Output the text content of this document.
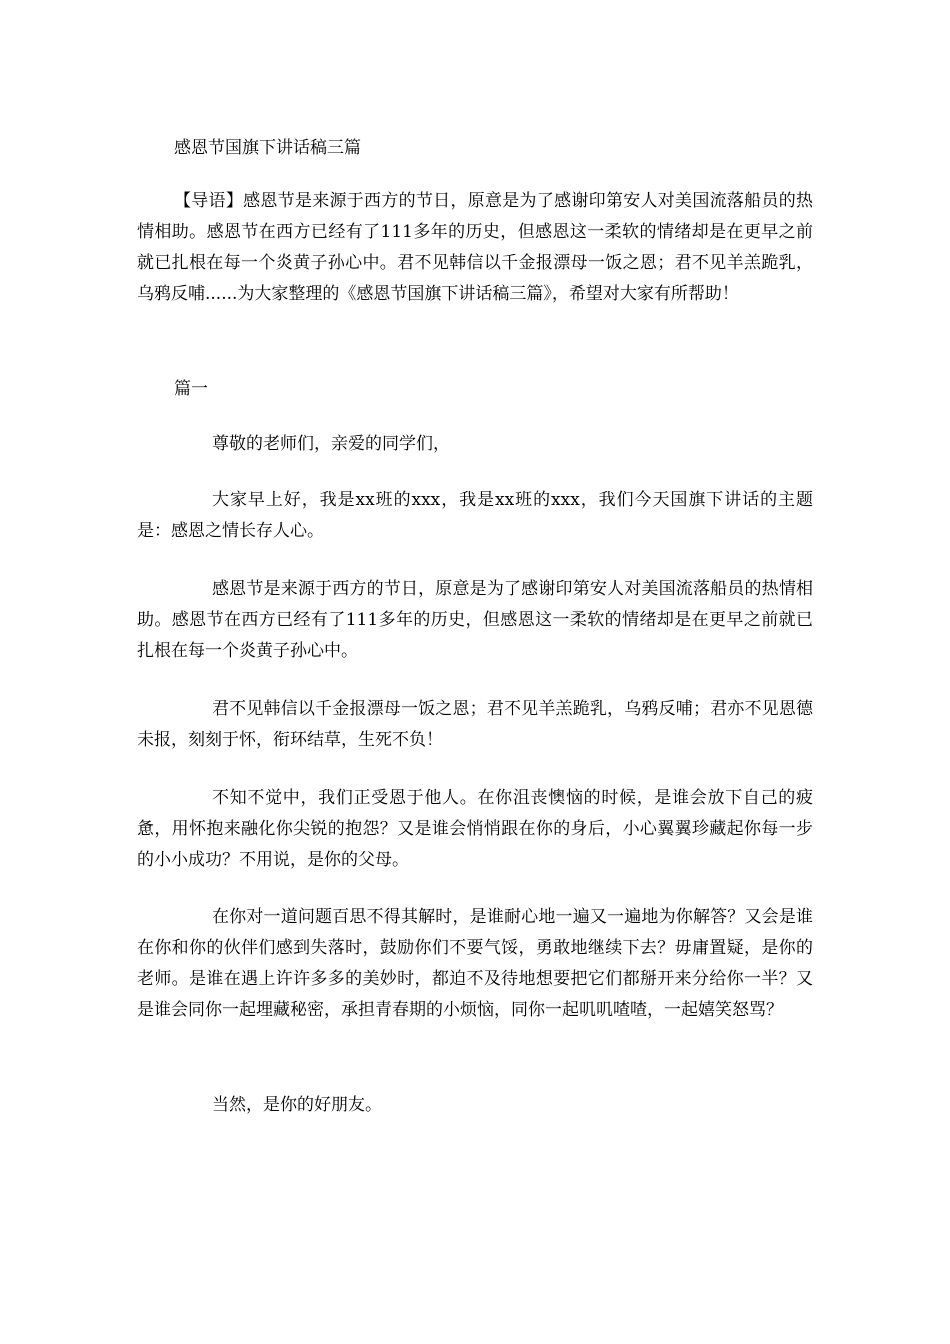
感恩节国旗下讲话稿三篇

【导语】感恩节是来源于西方的节日，原意是为了感谢印第安人对美国流落船员的热情相助。感恩节在西方已经有了111多年的历史，但感恩这一柔软的情绪却是在更早之前就已扎根在每一个炎黄子孙心中。君不见韩信以千金报漂母一饭之恩；君不见羊羔跪乳，乌鸦反哺......为大家整理的《感恩节国旗下讲话稿三篇》，希望对大家有所帮助！

篇一

尊敬的老师们，亲爱的同学们，

大家早上好，我是xx班的xxx，我是xx班的xxx，我们今天国旗下讲话的主题是：感恩之情长存人心。

感恩节是来源于西方的节日，原意是为了感谢印第安人对美国流落船员的热情相助。感恩节在西方已经有了111多年的历史，但感恩这一柔软的情绪却是在更早之前就已扎根在每一个炎黄子孙心中。

君不见韩信以千金报漂母一饭之恩；君不见羊羔跪乳，乌鸦反哺；君亦不见恩德未报，刻刻于怀，衔环结草，生死不负！

不知不觉中，我们正受恩于他人。在你沮丧懊恼的时候，是谁会放下自己的疲惫，用怀抱来融化你尖锐的抱怨？又是谁会悄悄跟在你的身后，小心翼翼珍藏起你每一步的小小成功？不用说，是你的父母。

在你对一道问题百思不得其解时，是谁耐心地一遍又一遍地为你解答？又会是谁在你和你的伙伴们感到失落时，鼓励你们不要气馁，勇敢地继续下去？毋庸置疑，是你的老师。是谁在遇上许许多多的美妙时，都迫不及待地想要把它们都掰开来分给你一半？又是谁会同你一起埋藏秘密，承担青春期的小烦恼，同你一起叽叽喳喳，一起嬉笑怒骂？

当然，是你的好朋友。
